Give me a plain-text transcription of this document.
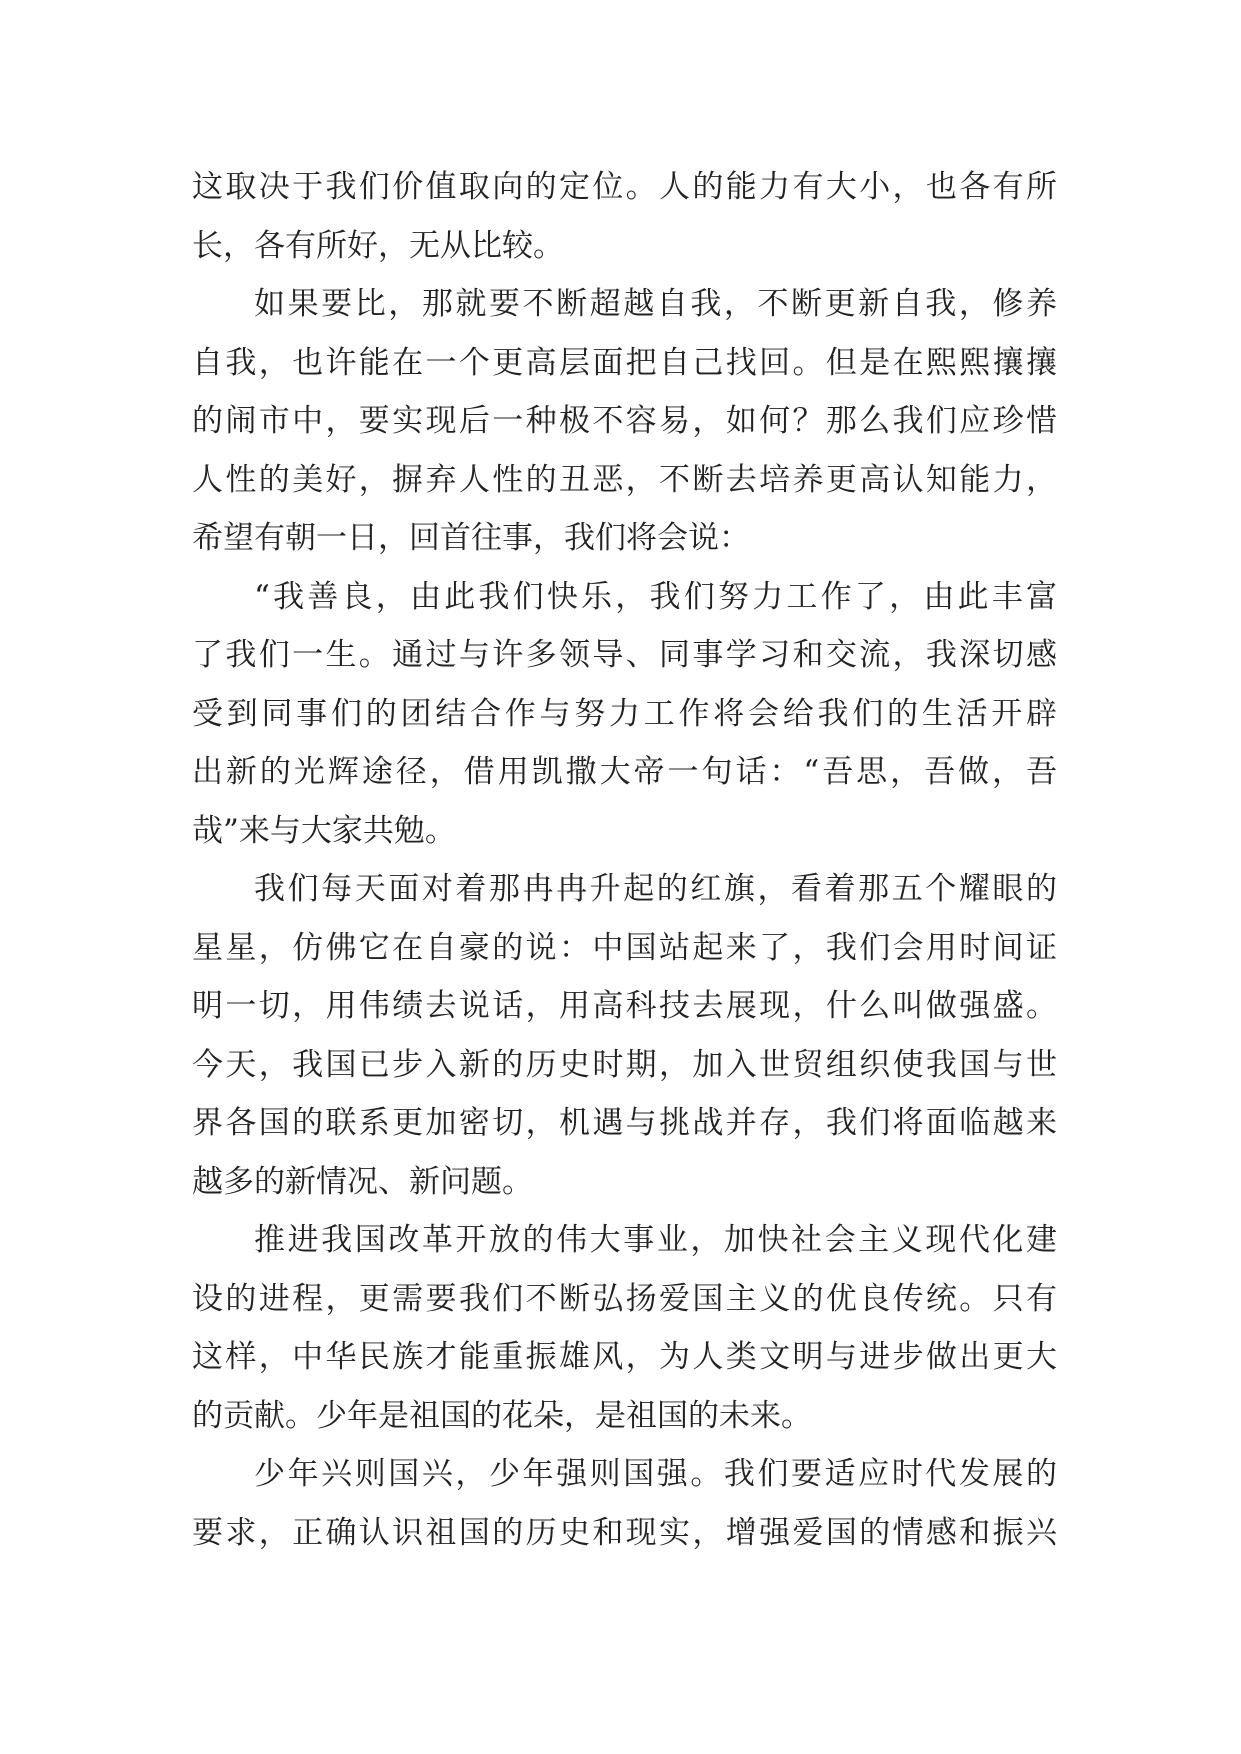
这取决于我们价值取向的定位。人的能力有大小，也各有所
长，各有所好，无从比较。
如果要比，那就要不断超越自我，不断更新自我，修养
自我，也许能在一个更高层面把自己找回。但是在熙熙攘攘
的闹市中，要实现后一种极不容易，如何？那么我们应珍惜
人性的美好，摒弃人性的丑恶，不断去培养更高认知能力，
希望有朝一日，回首往事，我们将会说：
“我善良，由此我们快乐，我们努力工作了，由此丰富
了我们一生。通过与许多领导、同事学习和交流，我深切感
受到同事们的团结合作与努力工作将会给我们的生活开辟
出新的光辉途径，借用凯撒大帝一句话：“吾思，吾做，吾
哉”来与大家共勉。
我们每天面对着那冉冉升起的红旗，看着那五个耀眼的
星星，仿佛它在自豪的说：中国站起来了，我们会用时间证
明一切，用伟绩去说话，用高科技去展现，什么叫做强盛。
今天，我国已步入新的历史时期，加入世贸组织使我国与世
界各国的联系更加密切，机遇与挑战并存，我们将面临越来
越多的新情况、新问题。
推进我国改革开放的伟大事业，加快社会主义现代化建
设的进程，更需要我们不断弘扬爱国主义的优良传统。只有
这样，中华民族才能重振雄风，为人类文明与进步做出更大
的贡献。少年是祖国的花朵，是祖国的未来。
少年兴则国兴，少年强则国强。我们要适应时代发展的
要求，正确认识祖国的历史和现实，增强爱国的情感和振兴
